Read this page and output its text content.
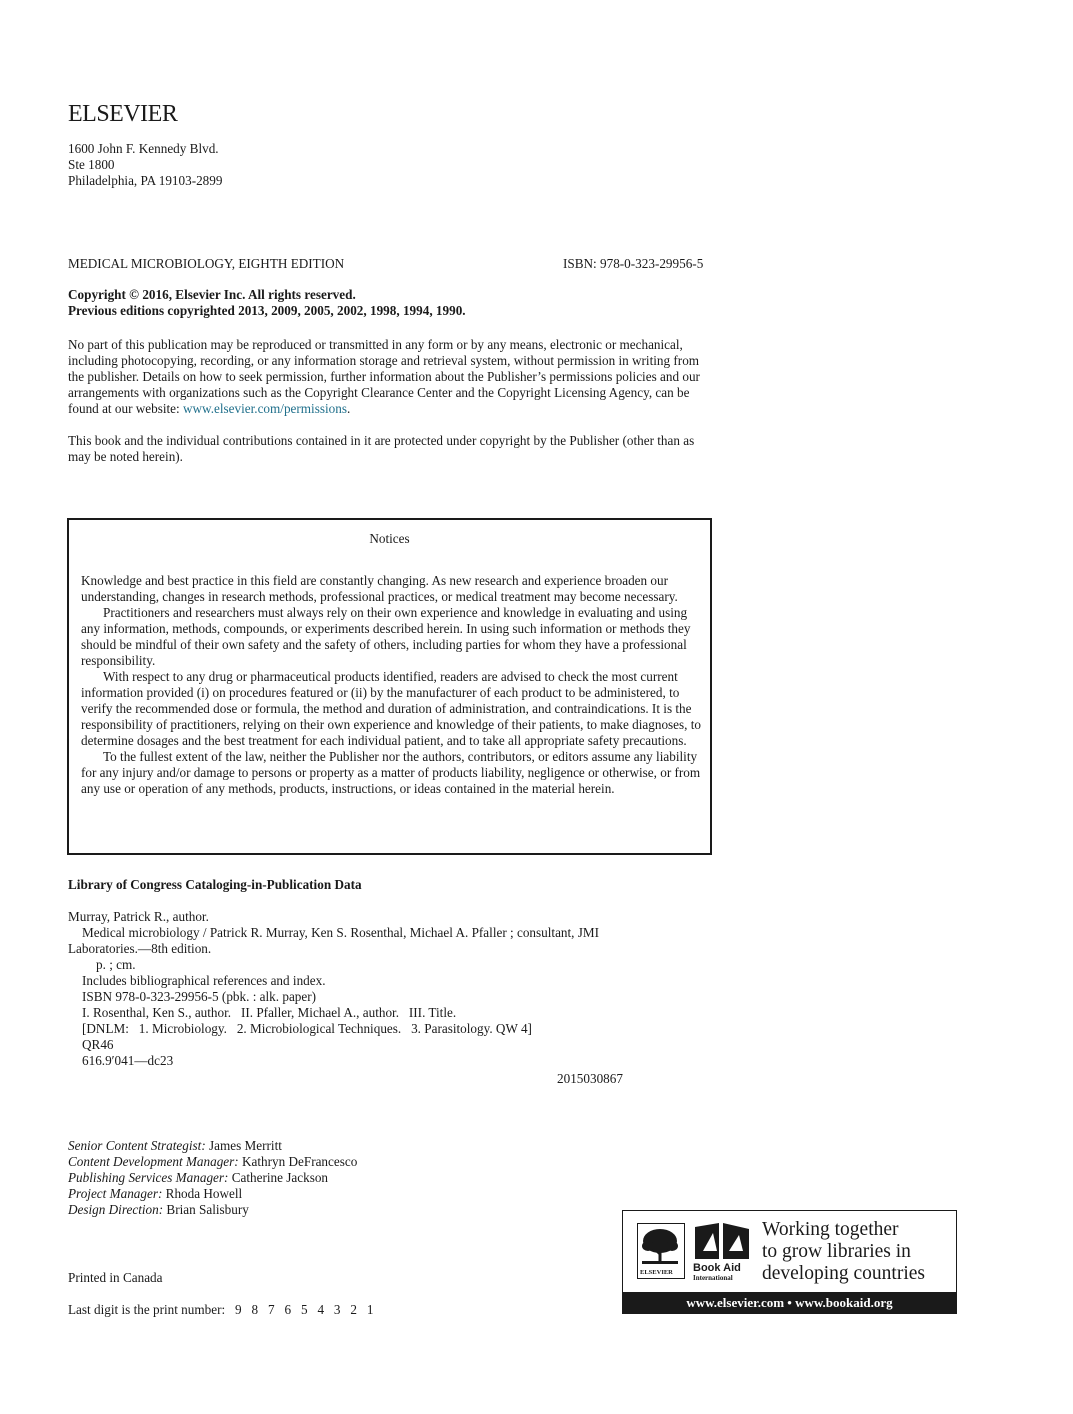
ELSEVIER
1600 John F. Kennedy Blvd.
Ste 1800
Philadelphia, PA 19103-2899
MEDICAL MICROBIOLOGY, EIGHTH EDITION	ISBN: 978-0-323-29956-5
Copyright © 2016, Elsevier Inc. All rights reserved.
Previous editions copyrighted 2013, 2009, 2005, 2002, 1998, 1994, 1990.
No part of this publication may be reproduced or transmitted in any form or by any means, electronic or mechanical, including photocopying, recording, or any information storage and retrieval system, without permission in writing from the publisher. Details on how to seek permission, further information about the Publisher’s permissions policies and our arrangements with organizations such as the Copyright Clearance Center and the Copyright Licensing Agency, can be found at our website: www.elsevier.com/permissions.
This book and the individual contributions contained in it are protected under copyright by the Publisher (other than as may be noted herein).
Notices

Knowledge and best practice in this field are constantly changing. As new research and experience broaden our understanding, changes in research methods, professional practices, or medical treatment may become necessary.

Practitioners and researchers must always rely on their own experience and knowledge in evaluating and using any information, methods, compounds, or experiments described herein. In using such information or methods they should be mindful of their own safety and the safety of others, including parties for whom they have a professional responsibility.

With respect to any drug or pharmaceutical products identified, readers are advised to check the most current information provided (i) on procedures featured or (ii) by the manufacturer of each product to be administered, to verify the recommended dose or formula, the method and duration of administration, and contraindications. It is the responsibility of practitioners, relying on their own experience and knowledge of their patients, to make diagnoses, to determine dosages and the best treatment for each individual patient, and to take all appropriate safety precautions.

To the fullest extent of the law, neither the Publisher nor the authors, contributors, or editors assume any liability for any injury and/or damage to persons or property as a matter of products liability, negligence or otherwise, or from any use or operation of any methods, products, instructions, or ideas contained in the material herein.

Library of Congress Cataloging-in-Publication Data
Murray, Patrick R., author.
Medical microbiology / Patrick R. Murray, Ken S. Rosenthal, Michael A. Pfaller ; consultant, JMI
Laboratories.—8th edition.
p. ; cm.
Includes bibliographical references and index.
ISBN 978-0-323-29956-5 (pbk. : alk. paper)
I. Rosenthal, Ken S., author.   II. Pfaller, Michael A., author.   III. Title.
[DNLM:   1. Microbiology.   2. Microbiological Techniques.   3. Parasitology. QW 4]
QR46
616.9′041—dc23
2015030867
Senior Content Strategist: James Merritt
Content Development Manager: Kathryn DeFrancesco
Publishing Services Manager: Catherine Jackson
Project Manager: Rhoda Howell
Design Direction: Brian Salisbury
Printed in Canada
Last digit is the print number:   9   8   7   6   5   4   3   2   1
ELSEVIER Book Aid
International
Working together
to grow libraries in
developing countries
www.elsevier.com • www.bookaid.org
